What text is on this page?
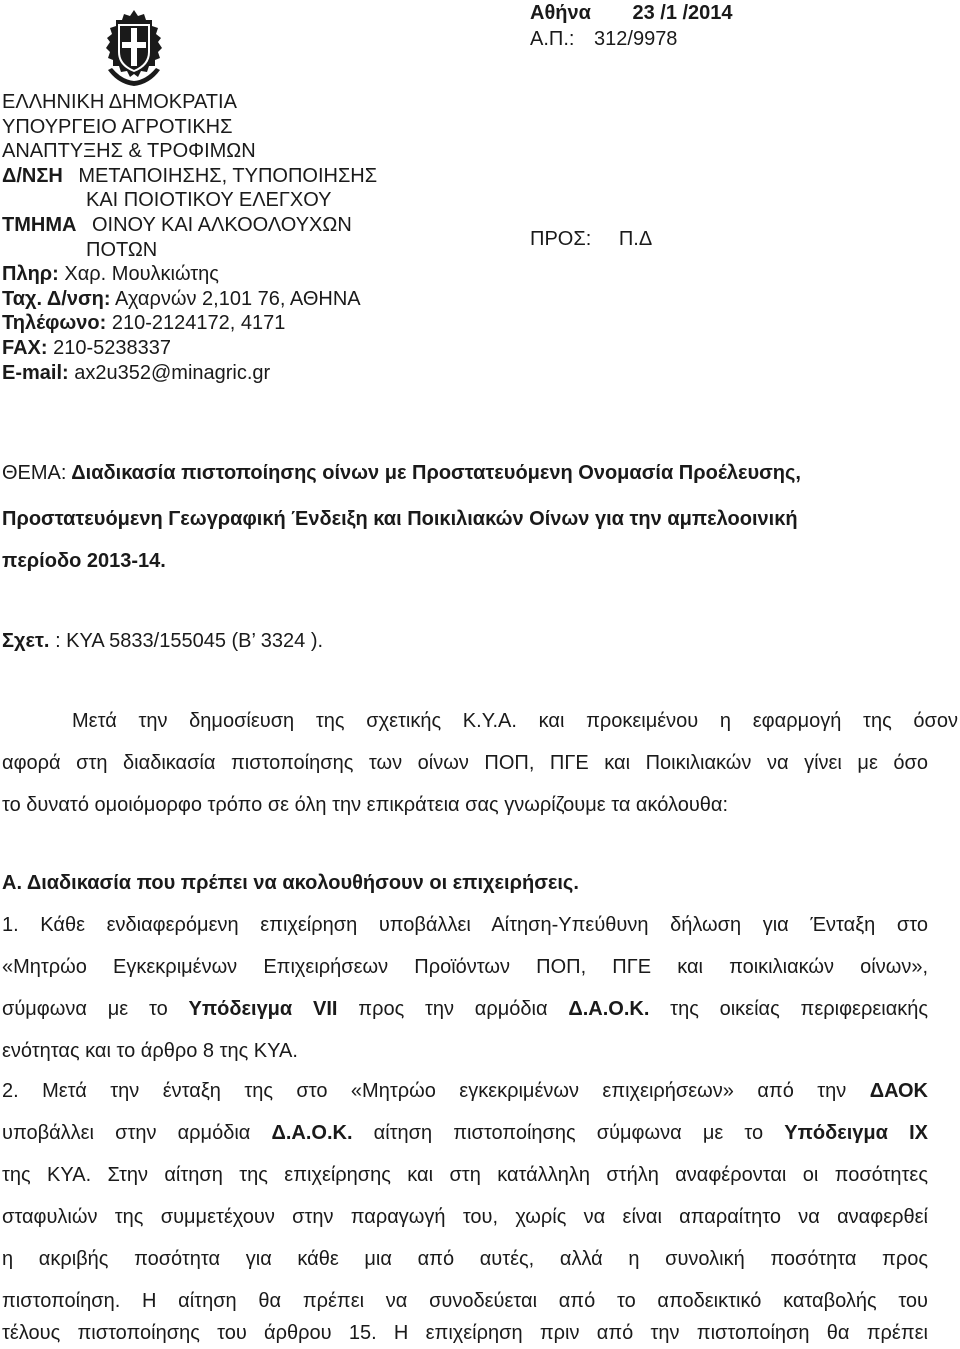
Αθήνα 23 /1 /2014
Α.Π.: 312/9978
ΕΛΛΗΝΙΚΗ ΔΗΜΟΚΡΑΤΙΑ
ΥΠΟΥΡΓΕΙΟ ΑΓΡΟΤΙΚΗΣ
ΑΝΑΠΤΥΞΗΣ & ΤΡΟΦΙΜΩΝ
Δ/ΝΣΗ ΜΕΤΑΠΟΙΗΣΗΣ, ΤΥΠΟΠΟΙΗΣΗΣ
ΚΑΙ ΠΟΙΟΤΙΚΟΥ ΕΛΕΓΧΟΥ
ΤΜΗΜΑ ΟΙΝΟΥ ΚΑΙ ΑΛΚΟΟΛΟΥΧΩΝ
ΠΟΤΩΝ
Πληρ: Χαρ. Μουλκιώτης
Ταχ. Δ/νση: Αχαρνών 2,101 76, ΑΘΗΝΑ
Τηλέφωνο: 210-2124172, 4171
FAX: 210-5238337
E-mail: ax2u352@minagric.gr
ΠΡΟΣ: Π.Δ
ΘΕΜΑ: Διαδικασία πιστοποίησης οίνων με Προστατευόμενη Ονομασία Προέλευσης,
Προστατευόμενη Γεωγραφική Ένδειξη και Ποικιλιακών Οίνων για την αμπελοοινική
περίοδο 2013-14.
Σχετ. : ΚΥΑ 5833/155045 (Β’ 3324 ).
Μετά την δημοσίευση της σχετικής Κ.Υ.Α. και προκειμένου η εφαρμογή της όσον
αφορά στη διαδικασία πιστοποίησης των οίνων ΠΟΠ, ΠΓΕ και Ποικιλιακών να γίνει με όσο
το δυνατό ομοιόμορφο τρόπο σε όλη την επικράτεια σας γνωρίζουμε τα ακόλουθα:
Α. Διαδικασία που πρέπει να ακολουθήσουν οι επιχειρήσεις.
1. Κάθε ενδιαφερόμενη επιχείρηση υποβάλλει Αίτηση-Υπεύθυνη δήλωση για Ένταξη στο
«Μητρώο Εγκεκριμένων Επιχειρήσεων Προϊόντων ΠΟΠ, ΠΓΕ και ποικιλιακών οίνων»,
σύμφωνα με το Υπόδειγμα VII προς την αρμόδια Δ.Α.Ο.Κ. της οικείας περιφερειακής
ενότητας και το άρθρο 8 της ΚΥΑ.
2. Μετά την ένταξη της στο «Μητρώο εγκεκριμένων επιχειρήσεων» από την ΔΑΟΚ
υποβάλλει στην αρμόδια Δ.Α.Ο.Κ. αίτηση πιστοποίησης σύμφωνα με το Υπόδειγμα ΙΧ
της ΚΥΑ. Στην αίτηση της επιχείρησης και στη κατάλληλη στήλη αναφέρονται οι ποσότητες
σταφυλιών της συμμετέχουν στην παραγωγή του, χωρίς να είναι απαραίτητο να αναφερθεί
η ακριβής ποσότητα για κάθε μια από αυτές, αλλά η συνολική ποσότητα προς
πιστοποίηση. Η αίτηση θα πρέπει να συνοδεύεται από το αποδεικτικό καταβολής του
τέλους πιστοποίησης του άρθρου 15. Η επιχείρηση πριν από την πιστοποίηση θα πρέπει
